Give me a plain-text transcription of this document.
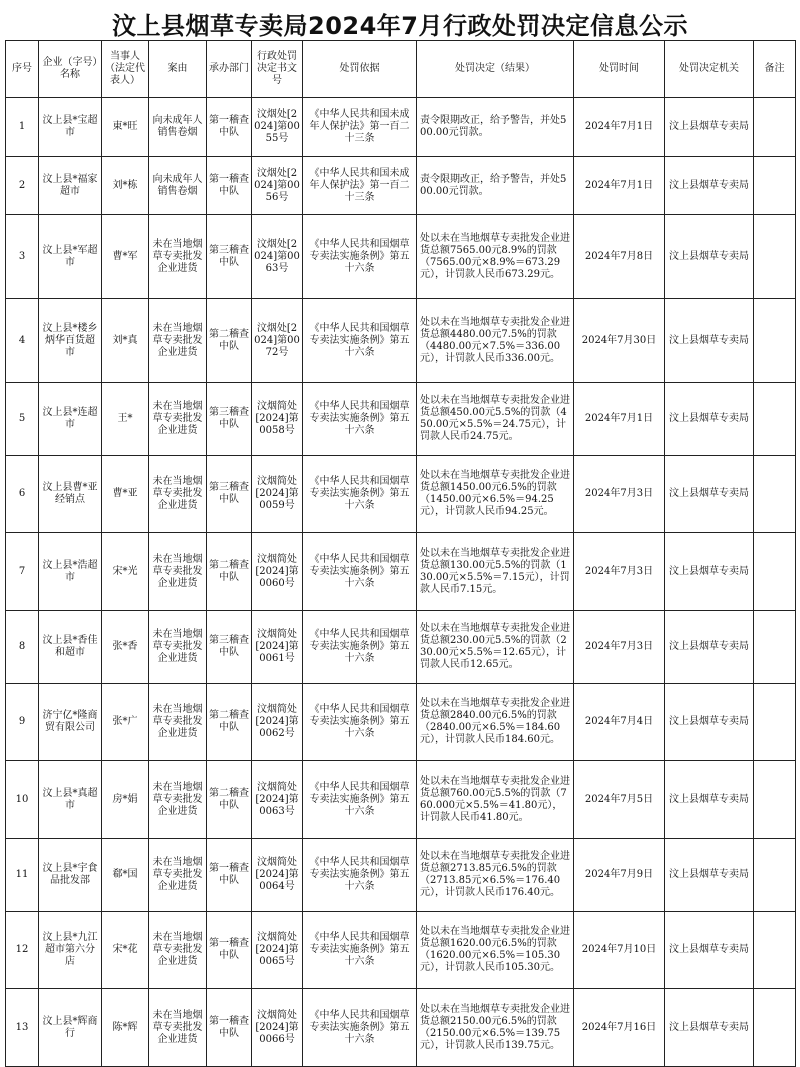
汶上县烟草专卖局2024年7月行政处罚决定信息公示
序号	企业（字号）名称	当事人（法定代表人）	案由	承办部门	行政处罚决定书文号	处罚依据	处罚决定（结果）	处罚时间	处罚决定机关	备注
1	汶上县*宝超市	東*旺	向未成年人销售卷烟	第一稽查中队	汶烟处[2024]第0055号	《中华人民共和国未成年人保护法》第一百二十三条	责令限期改正，给予警告，并处500.00元罚款。	2024年7月1日	汶上县烟草专卖局	
2	汶上县*福家超市	刘*栋	向未成年人销售卷烟	第一稽查中队	汶烟处[2024]第0056号	《中华人民共和国未成年人保护法》第一百二十三条	责令限期改正，给予警告，并处500.00元罚款。	2024年7月1日	汶上县烟草专卖局	
3	汶上县*军超市	曹*军	未在当地烟草专卖批发企业进货	第三稽查中队	汶烟处[2024]第0063号	《中华人民共和国烟草专卖法实施条例》第五十六条	处以未在当地烟草专卖批发企业进货总额7565.00元8.9%的罚款（7565.00元×8.9%＝673.29元），计罚款人民币673.29元。	2024年7月8日	汶上县烟草专卖局	
4	汶上县*楼乡炳华百货超市	刘*真	未在当地烟草专卖批发企业进货	第二稽查中队	汶烟处[2024]第0072号	《中华人民共和国烟草专卖法实施条例》第五十六条	处以未在当地烟草专卖批发企业进货总额4480.00元7.5%的罚款（4480.00元×7.5%＝336.00元），计罚款人民币336.00元。	2024年7月30日	汶上县烟草专卖局	
5	汶上县*连超市	王*	未在当地烟草专卖批发企业进货	第三稽查中队	汶烟简处[2024]第0058号	《中华人民共和国烟草专卖法实施条例》第五十六条	处以未在当地烟草专卖批发企业进货总额450.00元5.5%的罚款（450.00元×5.5%＝24.75元），计罚款人民币24.75元。	2024年7月1日	汶上县烟草专卖局	
6	汶上县曹*亚经销点	曹*亚	未在当地烟草专卖批发企业进货	第三稽查中队	汶烟简处[2024]第0059号	《中华人民共和国烟草专卖法实施条例》第五十六条	处以未在当地烟草专卖批发企业进货总额1450.00元6.5%的罚款（1450.00元×6.5%＝94.25元），计罚款人民币94.25元。	2024年7月3日	汶上县烟草专卖局	
7	汶上县*浩超市	宋*光	未在当地烟草专卖批发企业进货	第二稽查中队	汶烟简处[2024]第0060号	《中华人民共和国烟草专卖法实施条例》第五十六条	处以未在当地烟草专卖批发企业进货总额130.00元5.5%的罚款（130.00元×5.5%＝7.15元），计罚款人民币7.15元。	2024年7月3日	汶上县烟草专卖局	
8	汶上县*香佳和超市	张*香	未在当地烟草专卖批发企业进货	第三稽查中队	汶烟简处[2024]第0061号	《中华人民共和国烟草专卖法实施条例》第五十六条	处以未在当地烟草专卖批发企业进货总额230.00元5.5%的罚款（230.00元×5.5%＝12.65元），计罚款人民币12.65元。	2024年7月3日	汶上县烟草专卖局	
9	济宁亿*隆商贸有限公司	张*广	未在当地烟草专卖批发企业进货	第二稽查中队	汶烟简处[2024]第0062号	《中华人民共和国烟草专卖法实施条例》第五十六条	处以未在当地烟草专卖批发企业进货总额2840.00元6.5%的罚款（2840.00元×6.5%＝184.60元），计罚款人民币184.60元。	2024年7月4日	汶上县烟草专卖局	
10	汶上县*真超市	房*娟	未在当地烟草专卖批发企业进货	第二稽查中队	汶烟简处[2024]第0063号	《中华人民共和国烟草专卖法实施条例》第五十六条	处以未在当地烟草专卖批发企业进货总额760.00元5.5%的罚款（760.000元×5.5%＝41.80元），计罚款人民币41.80元。	2024年7月5日	汶上县烟草专卖局	
11	汶上县*宇食品批发部	郗*国	未在当地烟草专卖批发企业进货	第一稽查中队	汶烟简处[2024]第0064号	《中华人民共和国烟草专卖法实施条例》第五十六条	处以未在当地烟草专卖批发企业进货总额2713.85元6.5%的罚款（2713.85元×6.5%＝176.40元），计罚款人民币176.40元。	2024年7月9日	汶上县烟草专卖局	
12	汶上县*九江超市第六分店	宋*花	未在当地烟草专卖批发企业进货	第一稽查中队	汶烟简处[2024]第0065号	《中华人民共和国烟草专卖法实施条例》第五十六条	处以未在当地烟草专卖批发企业进货总额1620.00元6.5%的罚款（1620.00元×6.5%＝105.30元），计罚款人民币105.30元。	2024年7月10日	汶上县烟草专卖局	
13	汶上县*辉商行	陈*辉	未在当地烟草专卖批发企业进货	第一稽查中队	汶烟简处[2024]第0066号	《中华人民共和国烟草专卖法实施条例》第五十六条	处以未在当地烟草专卖批发企业进货总额2150.00元6.5%的罚款（2150.00元×6.5%＝139.75元），计罚款人民币139.75元。	2024年7月16日	汶上县烟草专卖局	
